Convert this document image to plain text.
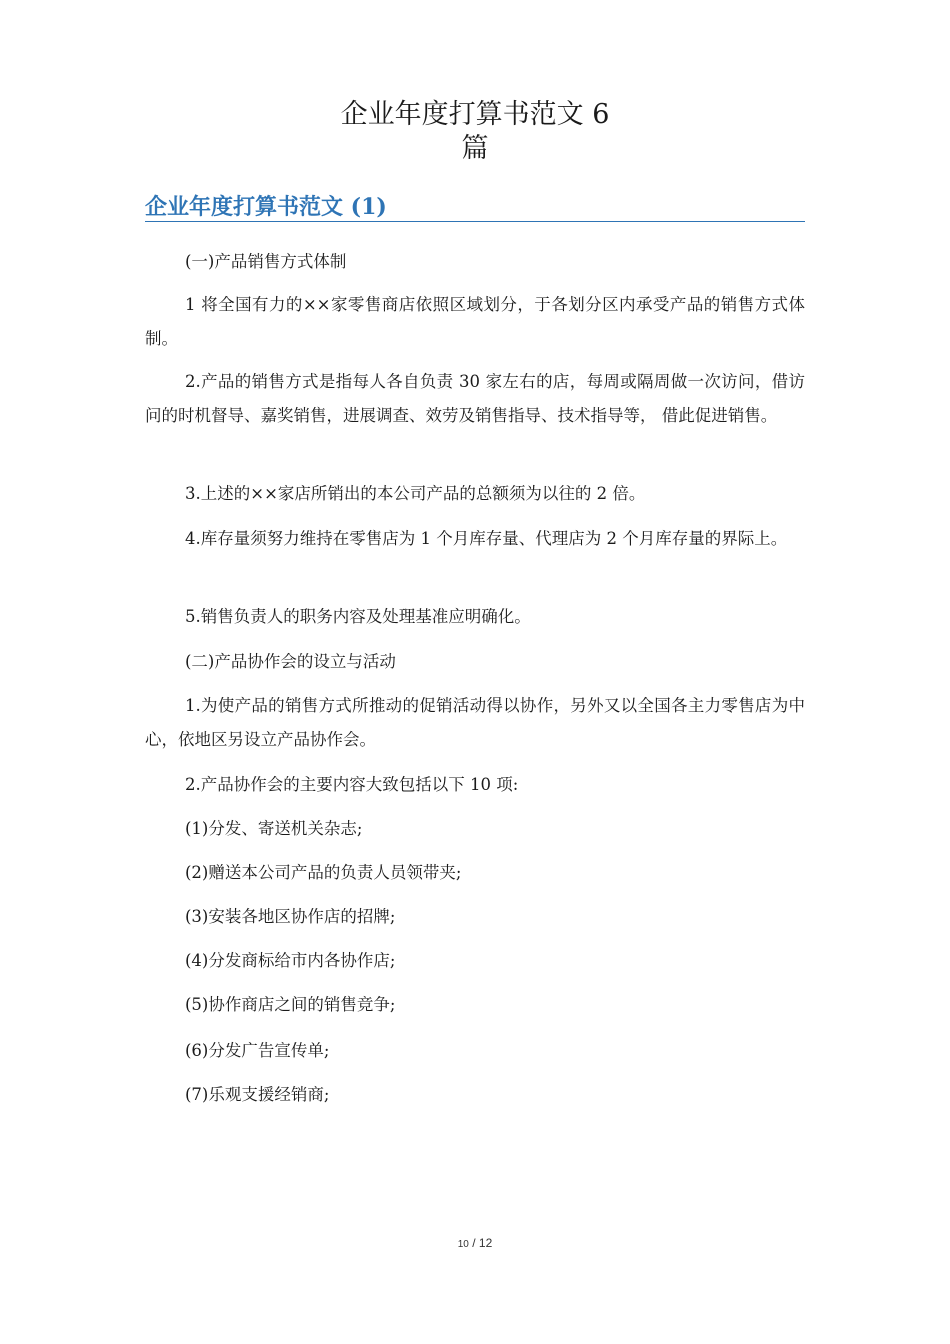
企业年度打算书范文 6
篇
企业年度打算书范文 (1)
(一)产品销售方式体制
1 将全国有力的××家零售商店依照区域划分，于各划分区内承受产品的销售方式体制。
2.产品的销售方式是指每人各自负责 30 家左右的店，每周或隔周做一次访问，借访问的时机督导、嘉奖销售，进展调查、效劳及销售指导、技术指导等， 借此促进销售。
3.上述的××家店所销出的本公司产品的总额须为以往的 2 倍。
4.库存量须努力维持在零售店为 1 个月库存量、代理店为 2 个月库存量的界际上。
5.销售负责人的职务内容及处理基准应明确化。
(二)产品协作会的设立与活动
1.为使产品的销售方式所推动的促销活动得以协作，另外又以全国各主力零售店为中心，依地区另设立产品协作会。
2.产品协作会的主要内容大致包括以下 10 项:
(1)分发、寄送机关杂志;
(2)赠送本公司产品的负责人员领带夹;
(3)安装各地区协作店的招牌;
(4)分发商标给市内各协作店;
(5)协作商店之间的销售竞争;
(6)分发广告宣传单;
(7)乐观支援经销商;
10 / 12
